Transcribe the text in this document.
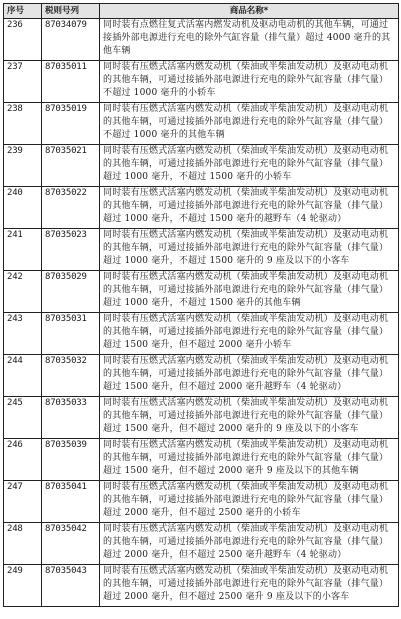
序号	税则号列	商品名称*
236	87034079	同时装有点燃往复式活塞内燃发动机及驱动电动机的其他车辆，可通过接插外部电源进行充电的除外气缸容量（排气量）超过 4000 毫升的其他车辆
237	87035011	同时装有压燃式活塞内燃发动机（柴油或半柴油发动机）及驱动电动机的其他车辆，可通过接插外部电源进行充电的除外气缸容量（排气量）不超过 1000 毫升的小轿车
238	87035019	同时装有压燃式活塞内燃发动机（柴油或半柴油发动机）及驱动电动机的其他车辆，可通过接插外部电源进行充电的除外气缸容量（排气量）不超过 1000 毫升的其他车辆
239	87035021	同时装有压燃式活塞内燃发动机（柴油或半柴油发动机）及驱动电动机的其他车辆，可通过接插外部电源进行充电的除外气缸容量（排气量）超过 1000 毫升，不超过 1500 毫升的小轿车
240	87035022	同时装有压燃式活塞内燃发动机（柴油或半柴油发动机）及驱动电动机的其他车辆，可通过接插外部电源进行充电的除外气缸容量（排气量）超过 1000 毫升，不超过 1500 毫升的越野车（4 轮驱动）
241	87035023	同时装有压燃式活塞内燃发动机（柴油或半柴油发动机）及驱动电动机的其他车辆，可通过接插外部电源进行充电的除外气缸容量（排气量）超过 1000 毫升，不超过 1500 毫升的 9 座及以下的小客车
242	87035029	同时装有压燃式活塞内燃发动机（柴油或半柴油发动机）及驱动电动机的其他车辆，可通过接插外部电源进行充电的除外气缸容量（排气量）超过 1000 毫升，不超过 1500 毫升的其他车辆
243	87035031	同时装有压燃式活塞内燃发动机（柴油或半柴油发动机）及驱动电动机的其他车辆，可通过接插外部电源进行充电的除外气缸容量（排气量）超过 1500 毫升，但不超过 2000 毫升小轿车
244	87035032	同时装有压燃式活塞内燃发动机（柴油或半柴油发动机）及驱动电动机的其他车辆，可通过接插外部电源进行充电的除外气缸容量（排气量）超过 1500 毫升，但不超过 2000 毫升越野车（4 轮驱动）
245	87035033	同时装有压燃式活塞内燃发动机（柴油或半柴油发动机）及驱动电动机的其他车辆，可通过接插外部电源进行充电的除外气缸容量（排气量）超过 1500 毫升，但不超过 2000 毫升的 9 座及以下的小客车
246	87035039	同时装有压燃式活塞内燃发动机（柴油或半柴油发动机）及驱动电动机的其他车辆，可通过接插外部电源进行充电的除外气缸容量（排气量）超过 1500 毫升，但不超过 2000 毫升 9 座及以下的其他车辆
247	87035041	同时装有压燃式活塞内燃发动机（柴油或半柴油发动机）及驱动电动机的其他车辆，可通过接插外部电源进行充电的除外气缸容量（排气量）超过 2000 毫升，但不超过 2500 毫升的小轿车
248	87035042	同时装有压燃式活塞内燃发动机（柴油或半柴油发动机）及驱动电动机的其他车辆，可通过接插外部电源进行充电的除外气缸容量（排气量）超过 2000 毫升，但不超过 2500 毫升越野车（4 轮驱动）
249	87035043	同时装有压燃式活塞内燃发动机（柴油或半柴油发动机）及驱动电动机的其他车辆，可通过接插外部电源进行充电的除外气缸容量（排气量）超过 2000 毫升，但不超过 2500 毫升 9 座及以下的小客车
